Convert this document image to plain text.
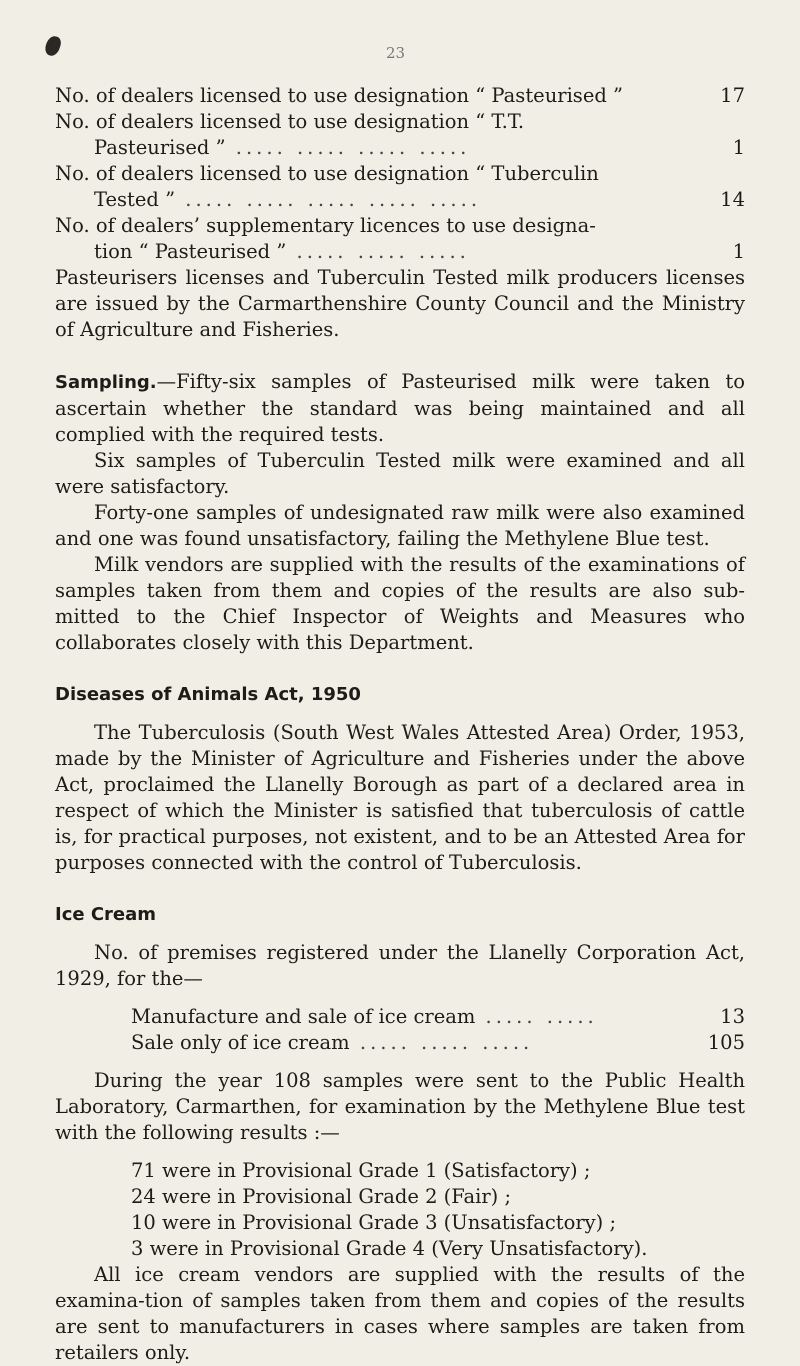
23
No. of dealers licensed to use designation “ Pasteurised ”	17
No. of dealers licensed to use designation “ T.T.
Pasteurised ” ..... ..... ..... .....	1
No. of dealers licensed to use designation “ Tuberculin
Tested ” ..... ..... ..... ..... .....	14
No. of dealers’ supplementary licences to use designa-
tion “ Pasteurised ” ..... ..... .....	1

Pasteurisers licenses and Tuberculin Tested milk producers licenses are issued by the Carmarthenshire County Council and the Ministry of Agriculture and Fisheries.

Sampling.—Fifty-six samples of Pasteurised milk were taken to ascertain whether the standard was being maintained and all complied with the required tests.

Six samples of Tuberculin Tested milk were examined and all were satisfactory.

Forty-one samples of undesignated raw milk were also examined and one was found unsatisfactory, failing the Methylene Blue test.

Milk vendors are supplied with the results of the examinations of samples taken from them and copies of the results are also sub-mitted to the Chief Inspector of Weights and Measures who collaborates closely with this Department.

Diseases of Animals Act, 1950

The Tuberculosis (South West Wales Attested Area) Order, 1953, made by the Minister of Agriculture and Fisheries under the above Act, proclaimed the Llanelly Borough as part of a declared area in respect of which the Minister is satisfied that tuberculosis of cattle is, for practical purposes, not existent, and to be an Attested Area for purposes connected with the control of Tuberculosis.

Ice Cream

No. of premises registered under the Llanelly Corporation Act, 1929, for the—

Manufacture and sale of ice cream ..... .....	13
Sale only of ice cream ..... ..... .....	105

During the year 108 samples were sent to the Public Health Laboratory, Carmarthen, for examination by the Methylene Blue test with the following results :—

71 were in Provisional Grade 1 (Satisfactory) ;
24 were in Provisional Grade 2 (Fair) ;
10 were in Provisional Grade 3 (Unsatisfactory) ;
3 were in Provisional Grade 4 (Very Unsatisfactory).

All ice cream vendors are supplied with the results of the examina-tion of samples taken from them and copies of the results are sent to manufacturers in cases where samples are taken from retailers only.
